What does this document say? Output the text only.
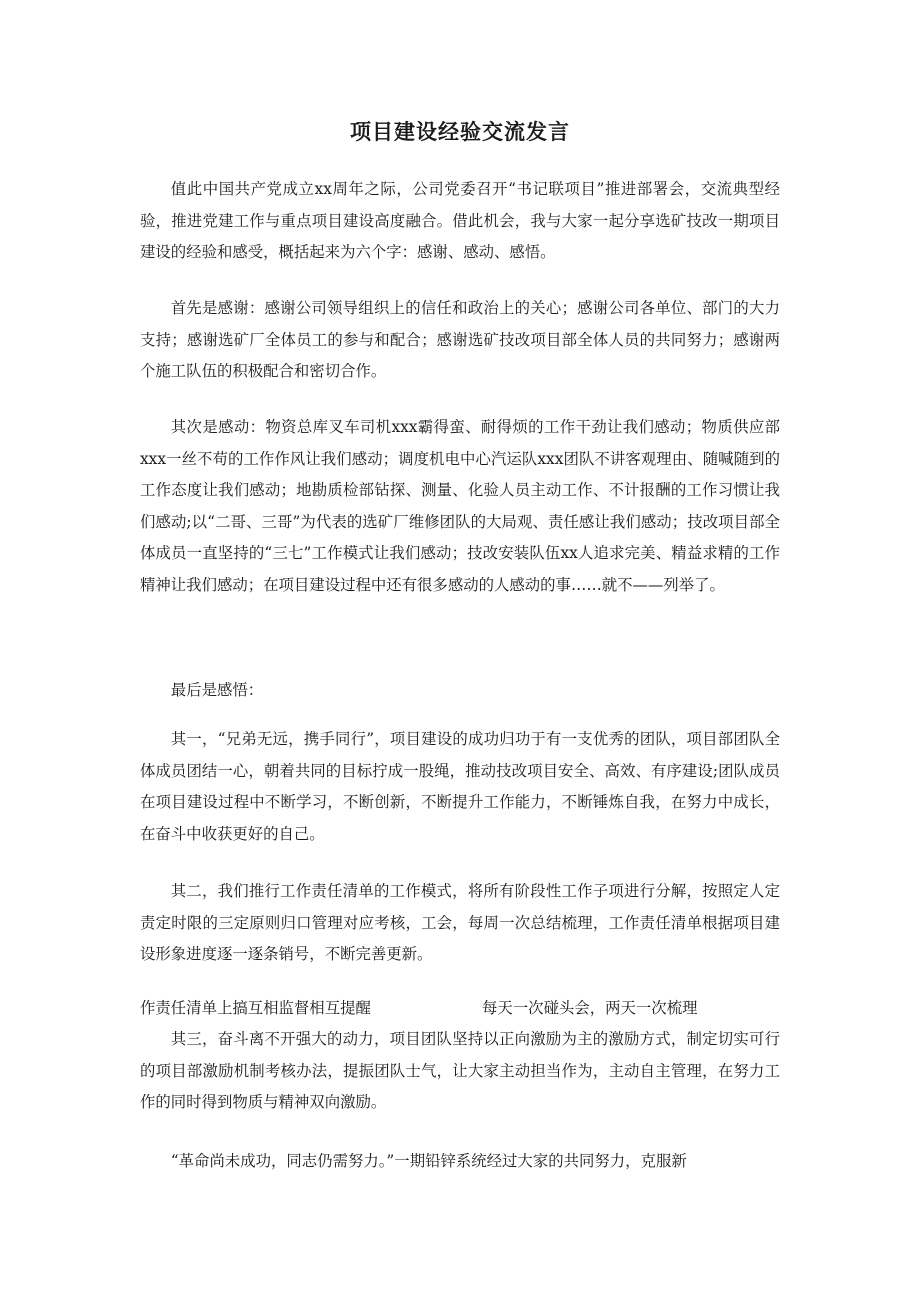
项目建设经验交流发言
值此中国共产党成立xx周年之际，公司党委召开“书记联项目”推进部署会，交流典型经验，推进党建工作与重点项目建设高度融合。借此机会，我与大家一起分享选矿技改一期项目建设的经验和感受，概括起来为六个字：感谢、感动、感悟。
首先是感谢：感谢公司领导组织上的信任和政治上的关心；感谢公司各单位、部门的大力支持；感谢选矿厂全体员工的参与和配合；感谢选矿技改项目部全体人员的共同努力；感谢两个施工队伍的积极配合和密切合作。
其次是感动：物资总库叉车司机xxx霸得蛮、耐得烦的工作干劲让我们感动；物质供应部xxx一丝不苟的工作作风让我们感动；调度机电中心汽运队xxx团队不讲客观理由、随喊随到的工作态度让我们感动；地勘质检部钻探、测量、化验人员主动工作、不计报酬的工作习惯让我们感动;以“二哥、三哥”为代表的选矿厂维修团队的大局观、责任感让我们感动；技改项目部全体成员一直坚持的“三七”工作模式让我们感动；技改安装队伍xx人追求完美、精益求精的工作精神让我们感动；在项目建设过程中还有很多感动的人感动的事……就不——列举了。
最后是感悟：
其一，“兄弟无远，携手同行”，项目建设的成功归功于有一支优秀的团队，项目部团队全体成员团结一心，朝着共同的目标拧成一股绳，推动技改项目安全、高效、有序建设;团队成员在项目建设过程中不断学习，不断创新，不断提升工作能力，不断锤炼自我，在努力中成长，在奋斗中收获更好的自己。
其二，我们推行工作责任清单的工作模式，将所有阶段性工作子项进行分解，按照定人定责定时限的三定原则归口管理对应考核，工会，每周一次总结梳理，工作责任清单根据项目建设形象进度逐一逐条销号，不断完善更新。
作责任清单上搞互相监督相互提醒	每天一次碰头会，两天一次梳理
其三，奋斗离不开强大的动力，项目团队坚持以正向激励为主的激励方式，制定切实可行的项目部激励机制考核办法，提振团队士气，让大家主动担当作为，主动自主管理，在努力工作的同时得到物质与精神双向激励。
“革命尚未成功，同志仍需努力。”一期铅锌系统经过大家的共同努力，克服新
